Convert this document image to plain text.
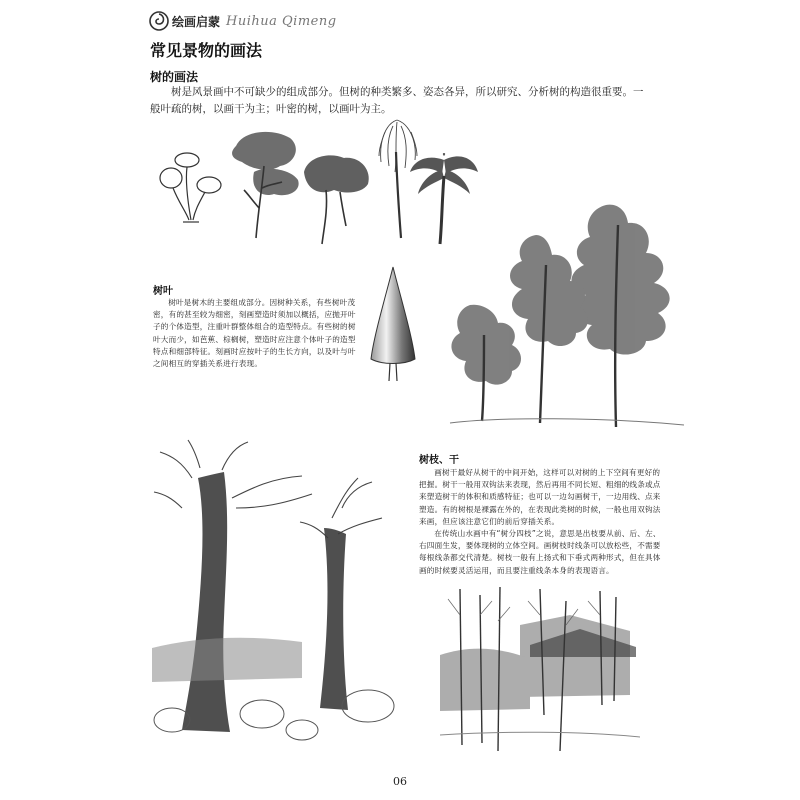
绘画启蒙 Huihua Qimeng
常见景物的画法
树的画法
树是风景画中不可缺少的组成部分。但树的种类繁多、姿态各异，所以研究、分析树的构造很重要。一般叶疏的树，以画干为主；叶密的树，以画叶为主。
树叶
树叶是树木的主要组成部分。因树种关系，有些树叶茂密，有的甚至较为细密，刻画塑造时须加以概括，应抛开叶子的个体造型，注重叶群整体组合的造型特点。有些树的树叶大而少，如芭蕉、棕榈树，塑造时应注意个体叶子的造型特点和细部特征。刻画时应按叶子的生长方向，以及叶与叶之间相互的穿插关系进行表现。
树枝、干

画树干最好从树干的中间开始，这样可以对树的上下空间有更好的把握。树干一般用双钩法来表现，然后再用不同长短、粗细的线条或点来塑造树干的体积和质感特征；也可以一边勾画树干，一边用线、点来塑造。有的树根是裸露在外的，在表现此类树的时候，一般也用双钩法来画，但应该注意它们的前后穿插关系。

在传统山水画中有“树分四枝”之说，意思是出枝要从前、后、左、右四面生发，要体现树的立体空间。画树枝时线条可以放松些，不需要每根线条都交代清楚。树枝一般有上扬式和下垂式两种形式，但在具体画的时候要灵活运用，而且要注重线条本身的表现语言。

06
